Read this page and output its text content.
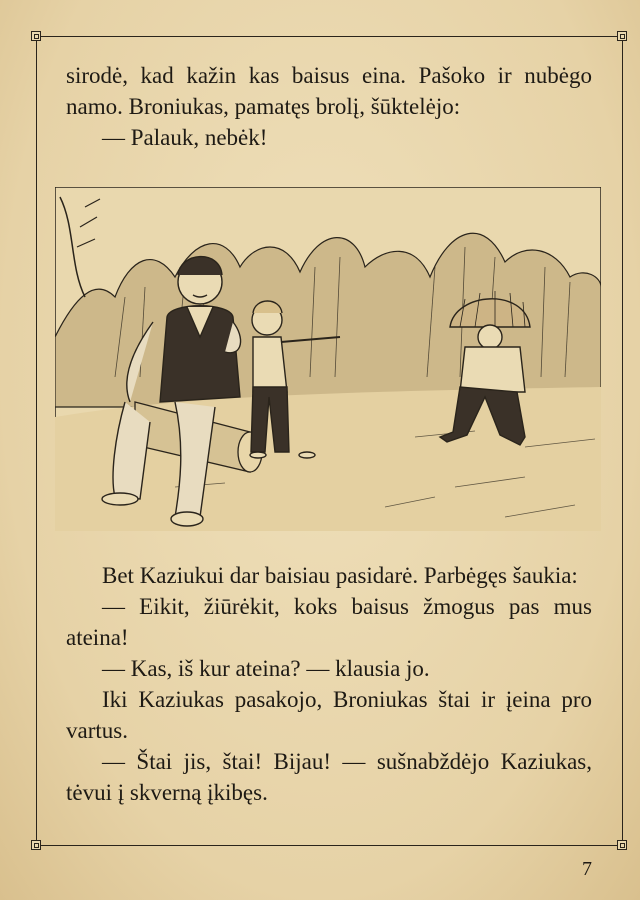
sirodė, kad kažin kas baisus eina. Pašoko ir nubėgo namo. Broniukas, pamatęs brolį, šūktelėjo:

— Palauk, nebėk!

Bet Kaziukui dar baisiau pasidarė. Parbėgęs šaukia:

— Eikit, žiūrėkit, koks baisus žmogus pas mus ateina!

— Kas, iš kur ateina? — klausia jo.

Iki Kaziukas pasakojo, Broniukas štai ir įeina pro vartus.

— Štai jis, štai! Bijau! — sušnabždėjo Kaziukas, tėvui į skverną įkibęs.

7
